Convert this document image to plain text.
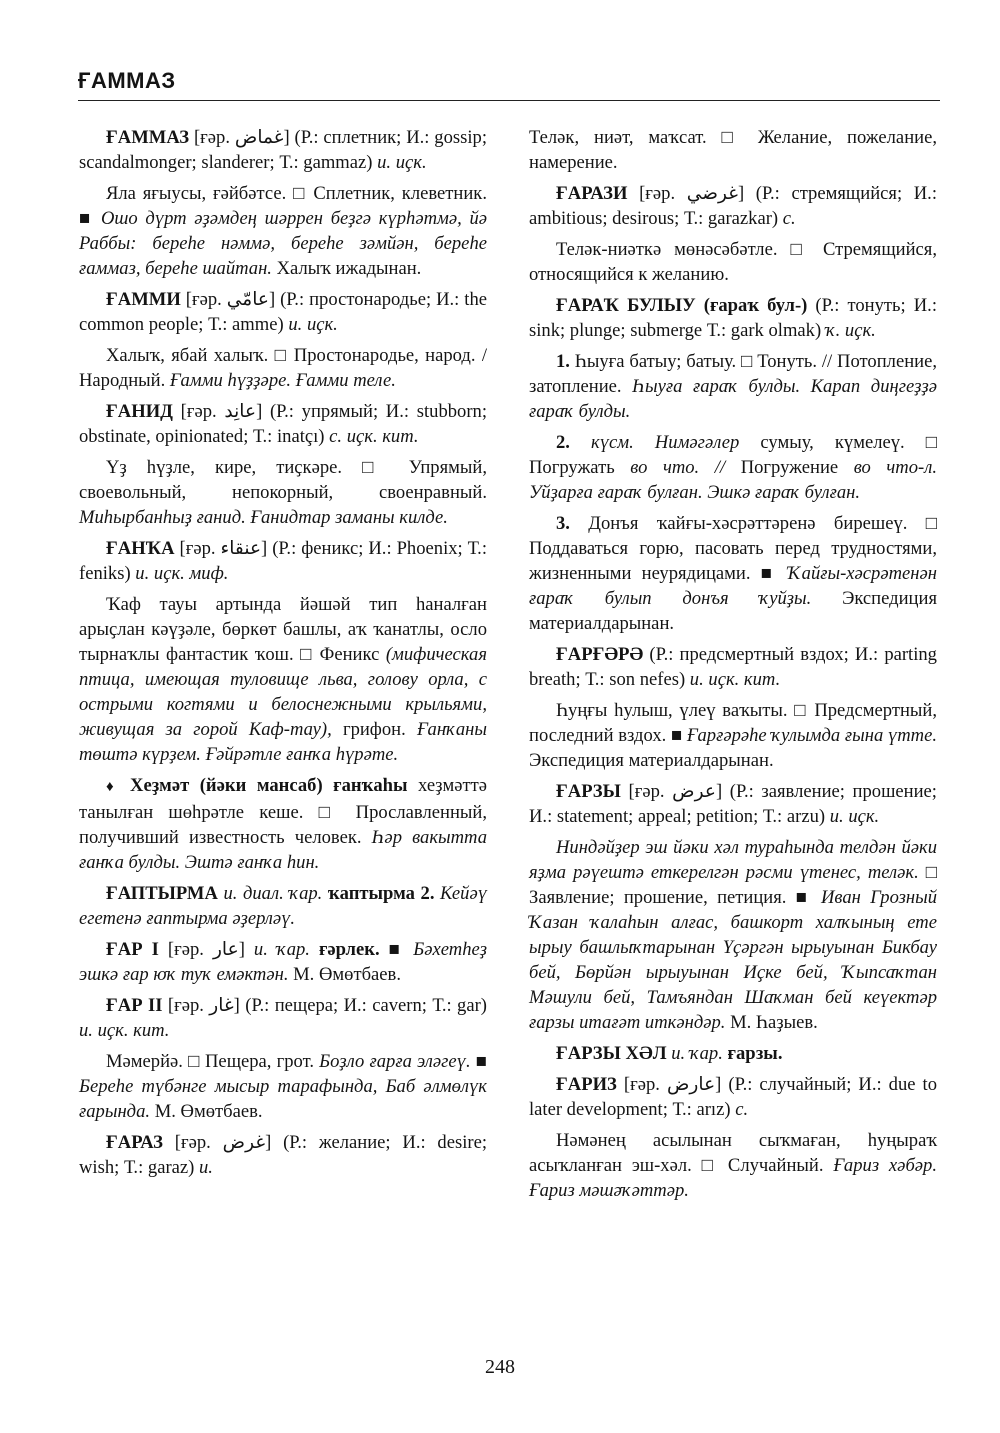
ҒАММАЗ

ҒАММАЗ [ғәр. غماض] (Р.: сплетник; И.: gossip; scandalmonger; slanderer; Т.: gammaz) и. иҫк.

Яла яғыусы, ғәйбәтсе. □ Сплетник, клеветник. ■ Ошо дүрт әҙәмдең шәррен беҙгә күрһәтмә, йә Раббы: береһе нәммә, береһе зәмйән, береһе ғаммаз, береһе шайтан. Халыҡ ижадынан.

ҒАММИ [ғәр. عامّي] (Р.: простонародье; И.: the common people; Т.: amme) и. иҫк.

Халыҡ, ябай халыҡ. □ Простонародье, народ. / Народный. Ғамми һүҙҙәре. Ғамми теле.

ҒАНИД [ғәр. عانِد] (Р.: упрямый; И.: stubborn; obstinate, opinionated; Т.: inatçı) с. иҫк. кит.

Үҙ һүҙле, кире, тиҫкәре. □ Упрямый, своевольный, непокорный, своенравный. Миһырбанһыҙ ғанид. Ғанидтар заманы килде.

ҒАНҠА [ғәр. عنقاء] (Р.: феникс; И.: Phoenix; Т.: feniks) и. иҫк. миф.

Ҡаф тауы артында йәшәй тип һаналған арыҫлан кәүҙәле, бөркөт башлы, аҡ ҡанатлы, осло тырнаҡлы фантастик ҡош. □ Феникс (мифическая птица, имеющая туловище льва, голову орла, с острыми когтями и белоснежными крыльями, живущая за горой Каф-тау), грифон. Ғанҡаны төштә күрҙем. Ғәйрәтле ғанҡа һүрәте.

♦ Хеҙмәт (йәки мансаб) ғанҡаһы хеҙмәттә танылған шөһрәтле кеше. □ Прославленный, получивший известность человек. Һәр вакытта ғанҡа булды. Эштә ғанҡа һин.

ҒАПТЫРМА и. диал. ҡар. ҡаптырма 2. Кейәү егетенә ғаптырма әҙерләү.

ҒАР I [ғәр. عار] и. ҡар. ғәрлек. ■ Бәхетһеҙ эшкә ғар юҡ туҡ емәктән. М. Өмөтбаев.

ҒАР II [ғәр. غار] (Р.: пещера; И.: cavern; Т.: gar) и. иҫк. кит.

Мәмерйә. □ Пещера, грот. Боҙло ғарға эләгеү. ■ Береһе түбәнге мысыр тарафында, Баб әлмөлүк ғарында. М. Өмөтбаев.

ҒАРАЗ [ғәр. غرض] (Р.: желание; И.: desire; wish; Т.: garaz) и.

Теләк, ниәт, маҡсат. □ Желание, пожелание, намерение.

ҒАРАЗИ [ғәр. غرضي] (Р.: стремящийся; И.: ambitious; desirous; Т.: garazkar) с.

Теләк-ниәткә мөнәсәбәтле. □ Стремящийся, относящийся к желанию.

ҒАРАҠ БУЛЫУ (ғараҡ бул-) (Р.: тонуть; И.: sink; plunge; submerge Т.: gark olmak) ҡ. иҫк.

1. Һыуға батыу; батыу. □ Тонуть. // Потопление, затопление. Һыуға ғараҡ булды. Карап диңгеҙҙә ғараҡ булды.

2. күсм. Нимәгәлер сумыу, күмелеү. □ Погружать во что. // Погружение во что-л. Уйҙарға ғараҡ булған. Эшкә ғараҡ булған.

3. Донъя ҡайғы-хәсрәттәренә бирешеү. □ Поддаваться горю, пасовать перед трудностями, жизненными неурядицами. ■ Ҡайғы-хәсрәтенән ғараҡ булып донъя ҡуйҙы. Экспедиция материалдарынан.

ҒАРҒӘРӘ (Р.: предсмертный вздох; И.: parting breath; Т.: son nefes) и. иҫк. кит.

Һуңғы һулыш, үлеү ваҡыты. □ Предсмертный, последний вздох. ■ Ғарғәрәһе ҡулымда ғына үтте. Экспедиция материалдарынан.

ҒАРЗЫ [ғәр. عرض] (Р.: заявление; прошение; И.: statement; appeal; petition; Т.: arzu) и. иҫк.

Ниндәйҙер эш йәки хәл тураһында телдән йәки яҙма рәүештә еткерелгән рәсми үтенес, теләк. □ Заявление; прошение, петиция. ■ Иван Грозный Ҡазан ҡалаһын алғас, башкорт халҡының ете ырыу башлыҡтарынан Үҫәргән ырыуынан Бикбау бей, Бөрйән ырыуынан Иҫке бей, Ҡыпсаҡтан Мәшули бей, Тамъяндан Шаҡман бей кеүектәр ғарзы итағәт иткәндәр. М. Һаҙыев.

ҒАРЗЫ ХӘЛ и. ҡар. ғарзы.

ҒАРИЗ [ғәр. عارض] (Р.: случайный; И.: due to later development; Т.: arız) с.

Нәмәнең асылынан сыҡмаған, һуңыраҡ асыҡланған эш-хәл. □ Случайный. Ғариз хәбәр. Ғариз мәшәҡәттәр.

248
